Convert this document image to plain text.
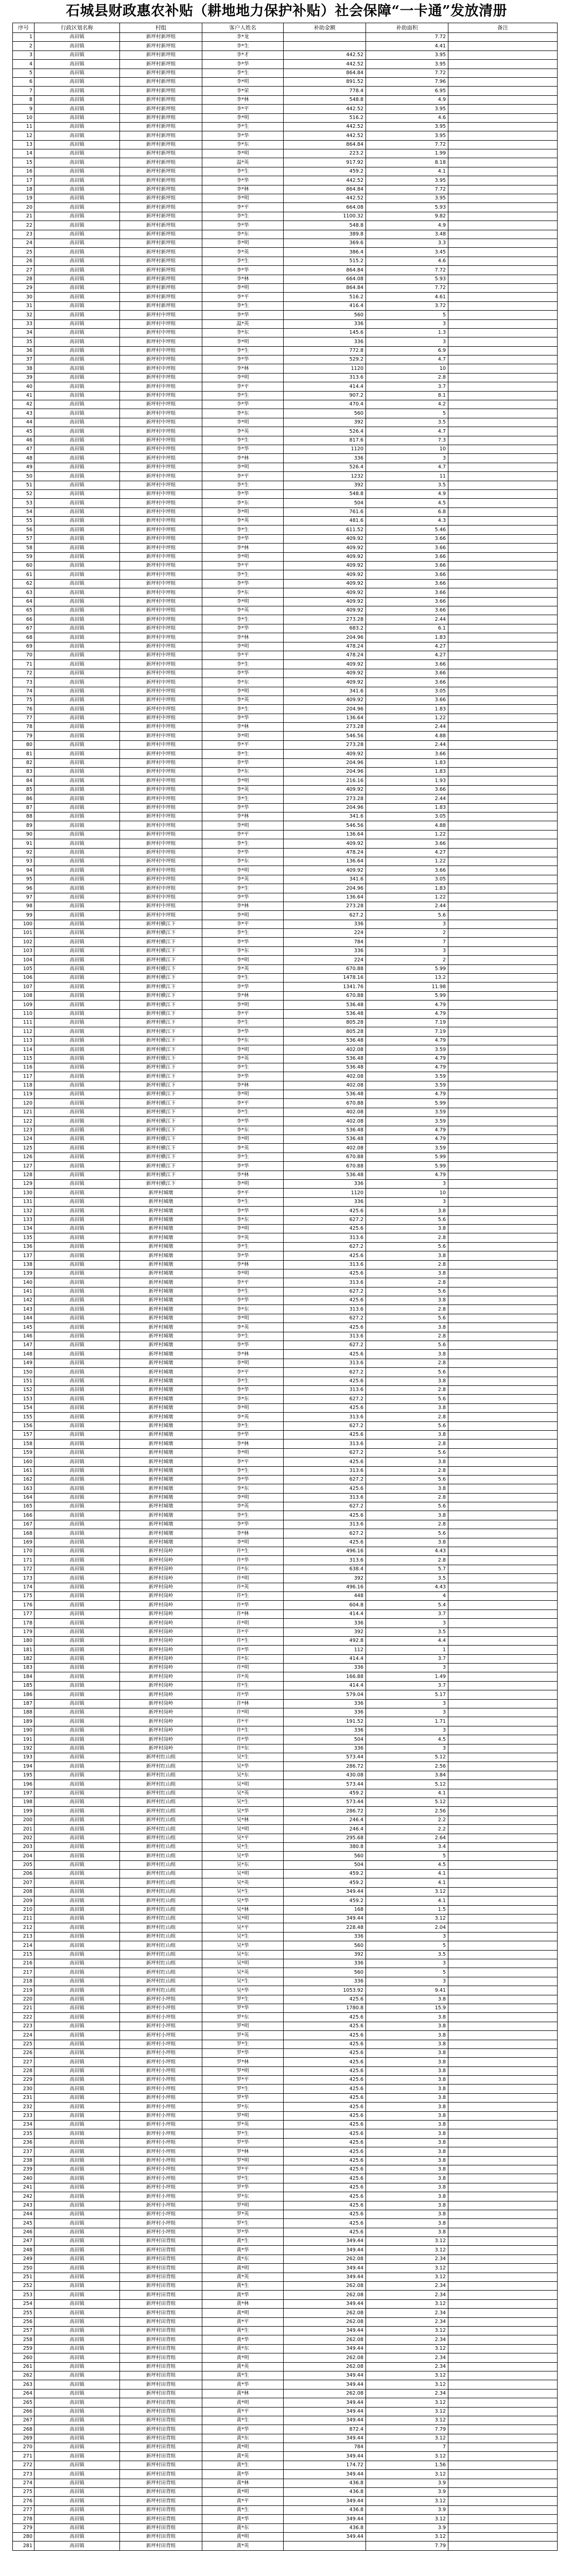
石城县财政惠农补贴（耕地地力保护补贴）社会保障“一卡通”发放清册
序号	行政区划名称	村组	客户人姓名	补助金额	补助面积	备注
1	高田镇	新坪村新坪组	李*龙		7.72	
2	高田镇	新坪村新坪组	李*生		4.41	
3	高田镇	新坪村新坪组	李*才	442.52	3.95	
4	高田镇	新坪村新坪组	李*华	442.52	3.95	
5	高田镇	新坪村新坪组	李*生	864.84	7.72	
6	高田镇	新坪村新坪组	李*明	891.52	7.96	
7	高田镇	新坪村新坪组	李*荣	778.4	6.95	
8	高田镇	新坪村新坪组	李*林	548.8	4.9	
9	高田镇	新坪村新坪组	李*平	442.52	3.95	
10	高田镇	新坪村新坪组	李*明	516.2	4.6	
11	高田镇	新坪村新坪组	李*生	442.52	3.95	
12	高田镇	新坪村新坪组	李*华	442.52	3.95	
13	高田镇	新坪村新坪组	李*东	864.84	7.72	
14	高田镇	新坪村新坪组	李*明	223.2	1.99	
15	高田镇	新坪村新坪组	温*英	917.92	8.18	
16	高田镇	新坪村新坪组	李*生	459.2	4.1	
17	高田镇	新坪村新坪组	李*华	442.52	3.95	
18	高田镇	新坪村新坪组	李*林	864.84	7.72	
19	高田镇	新坪村新坪组	李*明	442.52	3.95	
20	高田镇	新坪村新坪组	李*平	664.08	5.93	
21	高田镇	新坪村新坪组	李*生	1100.32	9.82	
22	高田镇	新坪村新坪组	李*华	548.8	4.9	
23	高田镇	新坪村新坪组	李*东	389.8	3.48	
24	高田镇	新坪村新坪组	李*明	369.6	3.3	
25	高田镇	新坪村新坪组	李*英	386.4	3.45	
26	高田镇	新坪村新坪组	李*生	515.2	4.6	
27	高田镇	新坪村新坪组	李*华	864.84	7.72	
28	高田镇	新坪村新坪组	李*林	664.08	5.93	
29	高田镇	新坪村新坪组	李*明	864.84	7.72	
30	高田镇	新坪村新坪组	李*平	516.2	4.61	
31	高田镇	新坪村新坪组	李*生	416.4	3.72	
32	高田镇	新坪村中坪组	李*华	560	5	
33	高田镇	新坪村中坪组	温*英	336	3	
34	高田镇	新坪村中坪组	李*东	145.6	1.3	
35	高田镇	新坪村中坪组	李*明	336	3	
36	高田镇	新坪村中坪组	李*生	772.8	6.9	
37	高田镇	新坪村中坪组	李*华	529.2	4.7	
38	高田镇	新坪村中坪组	李*林	1120	10	
39	高田镇	新坪村中坪组	李*明	313.6	2.8	
40	高田镇	新坪村中坪组	李*平	414.4	3.7	
41	高田镇	新坪村中坪组	李*生	907.2	8.1	
42	高田镇	新坪村中坪组	李*华	470.4	4.2	
43	高田镇	新坪村中坪组	李*东	560	5	
44	高田镇	新坪村中坪组	李*明	392	3.5	
45	高田镇	新坪村中坪组	李*英	526.4	4.7	
46	高田镇	新坪村中坪组	李*生	817.6	7.3	
47	高田镇	新坪村中坪组	李*华	1120	10	
48	高田镇	新坪村中坪组	李*林	336	3	
49	高田镇	新坪村中坪组	李*明	526.4	4.7	
50	高田镇	新坪村中坪组	李*平	1232	11	
51	高田镇	新坪村中坪组	李*生	392	3.5	
52	高田镇	新坪村中坪组	李*华	548.8	4.9	
53	高田镇	新坪村中坪组	李*东	504	4.5	
54	高田镇	新坪村中坪组	李*明	761.6	6.8	
55	高田镇	新坪村中坪组	李*英	481.6	4.3	
56	高田镇	新坪村中坪组	李*生	611.52	5.46	
57	高田镇	新坪村中坪组	李*华	409.92	3.66	
58	高田镇	新坪村中坪组	李*林	409.92	3.66	
59	高田镇	新坪村中坪组	李*明	409.92	3.66	
60	高田镇	新坪村中坪组	李*平	409.92	3.66	
61	高田镇	新坪村中坪组	李*生	409.92	3.66	
62	高田镇	新坪村中坪组	李*华	409.92	3.66	
63	高田镇	新坪村中坪组	李*东	409.92	3.66	
64	高田镇	新坪村中坪组	李*明	409.92	3.66	
65	高田镇	新坪村中坪组	李*英	409.92	3.66	
66	高田镇	新坪村中坪组	李*生	273.28	2.44	
67	高田镇	新坪村中坪组	李*华	683.2	6.1	
68	高田镇	新坪村中坪组	李*林	204.96	1.83	
69	高田镇	新坪村中坪组	李*明	478.24	4.27	
70	高田镇	新坪村中坪组	李*平	478.24	4.27	
71	高田镇	新坪村中坪组	李*生	409.92	3.66	
72	高田镇	新坪村中坪组	李*华	409.92	3.66	
73	高田镇	新坪村中坪组	李*东	409.92	3.66	
74	高田镇	新坪村中坪组	李*明	341.6	3.05	
75	高田镇	新坪村中坪组	李*英	409.92	3.66	
76	高田镇	新坪村中坪组	李*生	204.96	1.83	
77	高田镇	新坪村中坪组	李*华	136.64	1.22	
78	高田镇	新坪村中坪组	李*林	273.28	2.44	
79	高田镇	新坪村中坪组	李*明	546.56	4.88	
80	高田镇	新坪村中坪组	李*平	273.28	2.44	
81	高田镇	新坪村中坪组	李*生	409.92	3.66	
82	高田镇	新坪村中坪组	李*华	204.96	1.83	
83	高田镇	新坪村中坪组	李*东	204.96	1.83	
84	高田镇	新坪村中坪组	李*明	216.16	1.93	
85	高田镇	新坪村中坪组	李*英	409.92	3.66	
86	高田镇	新坪村中坪组	李*生	273.28	2.44	
87	高田镇	新坪村中坪组	李*华	204.96	1.83	
88	高田镇	新坪村中坪组	李*林	341.6	3.05	
89	高田镇	新坪村中坪组	李*明	546.56	4.88	
90	高田镇	新坪村中坪组	李*平	136.64	1.22	
91	高田镇	新坪村中坪组	李*生	409.92	3.66	
92	高田镇	新坪村中坪组	李*华	478.24	4.27	
93	高田镇	新坪村中坪组	李*东	136.64	1.22	
94	高田镇	新坪村中坪组	李*明	409.92	3.66	
95	高田镇	新坪村中坪组	李*英	341.6	3.05	
96	高田镇	新坪村中坪组	李*生	204.96	1.83	
97	高田镇	新坪村中坪组	李*华	136.64	1.22	
98	高田镇	新坪村中坪组	李*林	273.28	2.44	
99	高田镇	新坪村中坪组	李*明	627.2	5.6	
100	高田镇	新坪村横江下	李*平	336	3	
101	高田镇	新坪村横江下	李*生	224	2	
102	高田镇	新坪村横江下	李*华	784	7	
103	高田镇	新坪村横江下	李*东	336	3	
104	高田镇	新坪村横江下	李*明	224	2	
105	高田镇	新坪村横江下	李*英	670.88	5.99	
106	高田镇	新坪村横江下	李*生	1478.16	13.2	
107	高田镇	新坪村横江下	李*华	1341.76	11.98	
108	高田镇	新坪村横江下	李*林	670.88	5.99	
109	高田镇	新坪村横江下	李*明	536.48	4.79	
110	高田镇	新坪村横江下	李*平	536.48	4.79	
111	高田镇	新坪村横江下	李*生	805.28	7.19	
112	高田镇	新坪村横江下	李*华	805.28	7.19	
113	高田镇	新坪村横江下	李*东	536.48	4.79	
114	高田镇	新坪村横江下	李*明	402.08	3.59	
115	高田镇	新坪村横江下	李*英	536.48	4.79	
116	高田镇	新坪村横江下	李*生	536.48	4.79	
117	高田镇	新坪村横江下	李*华	402.08	3.59	
118	高田镇	新坪村横江下	李*林	402.08	3.59	
119	高田镇	新坪村横江下	李*明	536.48	4.79	
120	高田镇	新坪村横江下	李*平	670.88	5.99	
121	高田镇	新坪村横江下	李*生	402.08	3.59	
122	高田镇	新坪村横江下	李*华	402.08	3.59	
123	高田镇	新坪村横江下	李*东	536.48	4.79	
124	高田镇	新坪村横江下	李*明	536.48	4.79	
125	高田镇	新坪村横江下	李*英	402.08	3.59	
126	高田镇	新坪村横江下	李*生	670.88	5.99	
127	高田镇	新坪村横江下	李*华	670.88	5.99	
128	高田镇	新坪村横江下	李*林	536.48	4.79	
129	高田镇	新坪村横江下	李*明	336	3	
130	高田镇	新坪村城墩	李*平	1120	10	
131	高田镇	新坪村城墩	李*生	336	3	
132	高田镇	新坪村城墩	李*华	425.6	3.8	
133	高田镇	新坪村城墩	李*东	627.2	5.6	
134	高田镇	新坪村城墩	李*明	425.6	3.8	
135	高田镇	新坪村城墩	李*英	313.6	2.8	
136	高田镇	新坪村城墩	李*生	627.2	5.6	
137	高田镇	新坪村城墩	李*华	425.6	3.8	
138	高田镇	新坪村城墩	李*林	313.6	2.8	
139	高田镇	新坪村城墩	李*明	425.6	3.8	
140	高田镇	新坪村城墩	李*平	313.6	2.8	
141	高田镇	新坪村城墩	李*生	627.2	5.6	
142	高田镇	新坪村城墩	李*华	425.6	3.8	
143	高田镇	新坪村城墩	李*东	313.6	2.8	
144	高田镇	新坪村城墩	李*明	627.2	5.6	
145	高田镇	新坪村城墩	李*英	425.6	3.8	
146	高田镇	新坪村城墩	李*生	313.6	2.8	
147	高田镇	新坪村城墩	李*华	627.2	5.6	
148	高田镇	新坪村城墩	李*林	425.6	3.8	
149	高田镇	新坪村城墩	李*明	313.6	2.8	
150	高田镇	新坪村城墩	李*平	627.2	5.6	
151	高田镇	新坪村城墩	李*生	425.6	3.8	
152	高田镇	新坪村城墩	李*华	313.6	2.8	
153	高田镇	新坪村城墩	李*东	627.2	5.6	
154	高田镇	新坪村城墩	李*明	425.6	3.8	
155	高田镇	新坪村城墩	李*英	313.6	2.8	
156	高田镇	新坪村城墩	李*生	627.2	5.6	
157	高田镇	新坪村城墩	李*华	425.6	3.8	
158	高田镇	新坪村城墩	李*林	313.6	2.8	
159	高田镇	新坪村城墩	李*明	627.2	5.6	
160	高田镇	新坪村城墩	李*平	425.6	3.8	
161	高田镇	新坪村城墩	李*生	313.6	2.8	
162	高田镇	新坪村城墩	李*华	627.2	5.6	
163	高田镇	新坪村城墩	李*东	425.6	3.8	
164	高田镇	新坪村城墩	李*明	313.6	2.8	
165	高田镇	新坪村城墩	李*英	627.2	5.6	
166	高田镇	新坪村城墩	李*生	425.6	3.8	
167	高田镇	新坪村城墩	李*华	313.6	2.8	
168	高田镇	新坪村城墩	李*林	627.2	5.6	
169	高田镇	新坪村城墩	李*明	425.6	3.8	
170	高田镇	新坪村岗岭	许*生	496.16	4.43	
171	高田镇	新坪村岗岭	许*华	313.6	2.8	
172	高田镇	新坪村岗岭	许*东	638.4	5.7	
173	高田镇	新坪村岗岭	许*明	392	3.5	
174	高田镇	新坪村岗岭	许*英	496.16	4.43	
175	高田镇	新坪村岗岭	许*生	448	4	
176	高田镇	新坪村岗岭	许*华	604.8	5.4	
177	高田镇	新坪村岗岭	许*林	414.4	3.7	
178	高田镇	新坪村岗岭	许*明	336	3	
179	高田镇	新坪村岗岭	许*平	392	3.5	
180	高田镇	新坪村岗岭	许*生	492.8	4.4	
181	高田镇	新坪村岗岭	许*华	112	1	
182	高田镇	新坪村岗岭	许*东	414.4	3.7	
183	高田镇	新坪村岗岭	许*明	336	3	
184	高田镇	新坪村岗岭	许*英	166.88	1.49	
185	高田镇	新坪村岗岭	许*生	414.4	3.7	
186	高田镇	新坪村岗岭	许*华	579.04	5.17	
187	高田镇	新坪村岗岭	许*林	336	3	
188	高田镇	新坪村岗岭	许*明	336	3	
189	高田镇	新坪村岗岭	许*平	191.52	1.71	
190	高田镇	新坪村岗岭	许*生	336	3	
191	高田镇	新坪村岗岭	许*华	504	4.5	
192	高田镇	新坪村岗岭	许*东	336	3	
193	高田镇	新坪村红山组	吴*生	573.44	5.12	
194	高田镇	新坪村红山组	吴*华	286.72	2.56	
195	高田镇	新坪村红山组	吴*东	430.08	3.84	
196	高田镇	新坪村红山组	吴*明	573.44	5.12	
197	高田镇	新坪村红山组	吴*英	459.2	4.1	
198	高田镇	新坪村红山组	吴*生	573.44	5.12	
199	高田镇	新坪村红山组	吴*华	286.72	2.56	
200	高田镇	新坪村红山组	吴*林	246.4	2.2	
201	高田镇	新坪村红山组	吴*明	246.4	2.2	
202	高田镇	新坪村红山组	吴*平	295.68	2.64	
203	高田镇	新坪村红山组	吴*生	380.8	3.4	
204	高田镇	新坪村红山组	吴*华	560	5	
205	高田镇	新坪村红山组	吴*东	504	4.5	
206	高田镇	新坪村红山组	吴*明	459.2	4.1	
207	高田镇	新坪村红山组	吴*英	459.2	4.1	
208	高田镇	新坪村红山组	吴*生	349.44	3.12	
209	高田镇	新坪村红山组	吴*华	459.2	4.1	
210	高田镇	新坪村红山组	吴*林	168	1.5	
211	高田镇	新坪村红山组	吴*明	349.44	3.12	
212	高田镇	新坪村红山组	吴*平	228.48	2.04	
213	高田镇	新坪村红山组	吴*生	336	3	
214	高田镇	新坪村红山组	吴*华	560	5	
215	高田镇	新坪村红山组	吴*东	392	3.5	
216	高田镇	新坪村红山组	吴*明	336	3	
217	高田镇	新坪村红山组	吴*英	560	5	
218	高田镇	新坪村红山组	吴*生	336	3	
219	高田镇	新坪村红山组	吴*华	1053.92	9.41	
220	高田镇	新坪村小坪组	罗*生	425.6	3.8	
221	高田镇	新坪村小坪组	罗*华	1780.8	15.9	
222	高田镇	新坪村小坪组	罗*东	425.6	3.8	
223	高田镇	新坪村小坪组	罗*明	425.6	3.8	
224	高田镇	新坪村小坪组	罗*英	425.6	3.8	
225	高田镇	新坪村小坪组	罗*生	425.6	3.8	
226	高田镇	新坪村小坪组	罗*华	425.6	3.8	
227	高田镇	新坪村小坪组	罗*林	425.6	3.8	
228	高田镇	新坪村小坪组	罗*明	425.6	3.8	
229	高田镇	新坪村小坪组	罗*平	425.6	3.8	
230	高田镇	新坪村小坪组	罗*生	425.6	3.8	
231	高田镇	新坪村小坪组	罗*华	425.6	3.8	
232	高田镇	新坪村小坪组	罗*东	425.6	3.8	
233	高田镇	新坪村小坪组	罗*明	425.6	3.8	
234	高田镇	新坪村小坪组	罗*英	425.6	3.8	
235	高田镇	新坪村小坪组	罗*生	425.6	3.8	
236	高田镇	新坪村小坪组	罗*华	425.6	3.8	
237	高田镇	新坪村小坪组	罗*林	425.6	3.8	
238	高田镇	新坪村小坪组	罗*明	425.6	3.8	
239	高田镇	新坪村小坪组	罗*平	425.6	3.8	
240	高田镇	新坪村小坪组	罗*生	425.6	3.8	
241	高田镇	新坪村小坪组	罗*华	425.6	3.8	
242	高田镇	新坪村小坪组	罗*东	425.6	3.8	
243	高田镇	新坪村小坪组	罗*明	425.6	3.8	
244	高田镇	新坪村小坪组	罗*英	425.6	3.8	
245	高田镇	新坪村小坪组	罗*生	425.6	3.8	
246	高田镇	新坪村小坪组	罗*华	425.6	3.8	
247	高田镇	新坪村田背组	黄*生	349.44	3.12	
248	高田镇	新坪村田背组	黄*华	349.44	3.12	
249	高田镇	新坪村田背组	黄*东	262.08	2.34	
250	高田镇	新坪村田背组	黄*明	349.44	3.12	
251	高田镇	新坪村田背组	黄*英	349.44	3.12	
252	高田镇	新坪村田背组	黄*生	262.08	2.34	
253	高田镇	新坪村田背组	黄*华	262.08	2.34	
254	高田镇	新坪村田背组	黄*林	349.44	3.12	
255	高田镇	新坪村田背组	黄*明	262.08	2.34	
256	高田镇	新坪村田背组	黄*平	262.08	2.34	
257	高田镇	新坪村田背组	黄*生	349.44	3.12	
258	高田镇	新坪村田背组	黄*华	262.08	2.34	
259	高田镇	新坪村田背组	黄*东	349.44	3.12	
260	高田镇	新坪村田背组	黄*明	262.08	2.34	
261	高田镇	新坪村田背组	黄*英	262.08	2.34	
262	高田镇	新坪村田背组	黄*生	349.44	3.12	
263	高田镇	新坪村田背组	黄*华	349.44	3.12	
264	高田镇	新坪村田背组	黄*林	262.08	2.34	
265	高田镇	新坪村田背组	黄*明	349.44	3.12	
266	高田镇	新坪村田背组	黄*平	349.44	3.12	
267	高田镇	新坪村田背组	黄*生	349.44	3.12	
268	高田镇	新坪村田背组	黄*华	872.4	7.79	
269	高田镇	新坪村田背组	黄*东	349.44	3.12	
270	高田镇	新坪村田背组	黄*明	784	7	
271	高田镇	新坪村田背组	黄*英	349.44	3.12	
272	高田镇	新坪村田背组	黄*生	174.72	1.56	
273	高田镇	新坪村田背组	黄*华	349.44	3.12	
274	高田镇	新坪村田背组	黄*林	436.8	3.9	
275	高田镇	新坪村田背组	黄*明	436.8	3.9	
276	高田镇	新坪村田背组	黄*平	349.44	3.12	
277	高田镇	新坪村田背组	黄*生	436.8	3.9	
278	高田镇	新坪村田背组	黄*华	349.44	3.12	
279	高田镇	新坪村田背组	黄*东	436.8	3.9	
280	高田镇	新坪村田背组	黄*明	349.44	3.12	
281	高田镇	新坪村田背组	黄*英		7.79	
